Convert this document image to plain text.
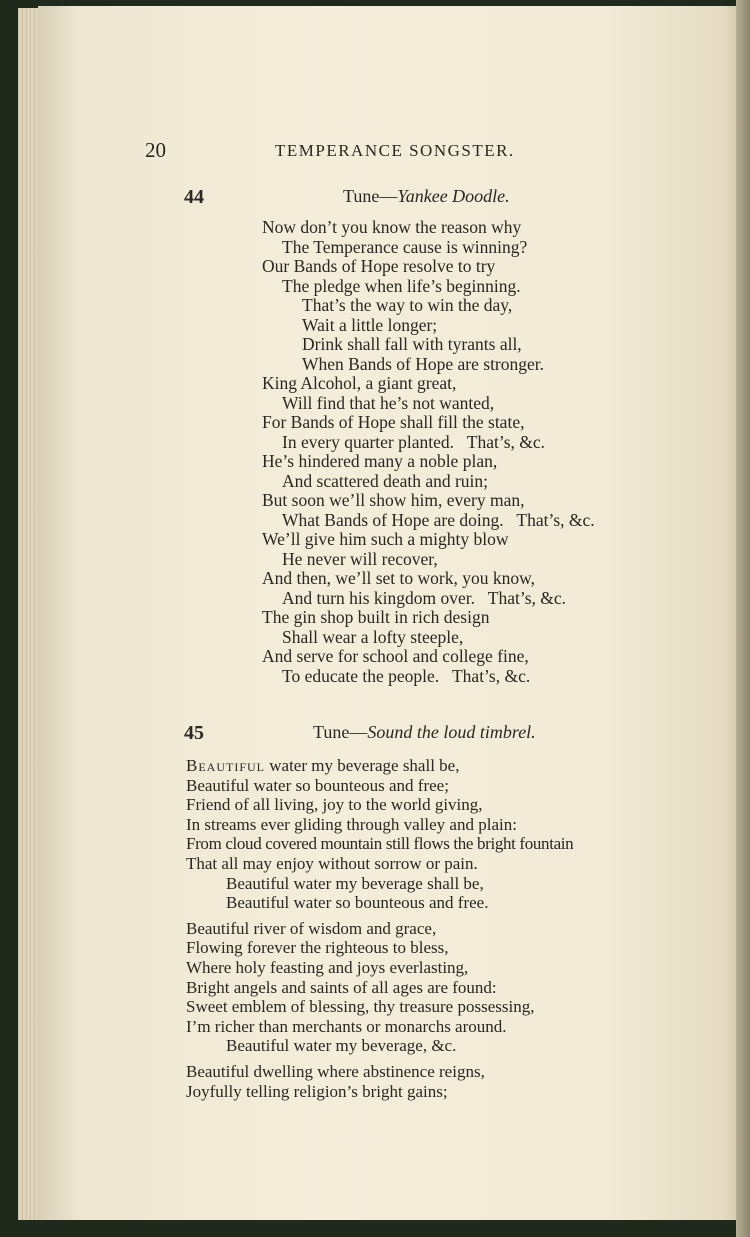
20	TEMPERANCE SONGSTER.
44	Tune—Yankee Doodle.
Now don’t you know the reason why
The Temperance cause is winning?
Our Bands of Hope resolve to try
The pledge when life’s beginning.
That’s the way to win the day,
Wait a little longer;
Drink shall fall with tyrants all,
When Bands of Hope are stronger.
King Alcohol, a giant great,
Will find that he’s not wanted,
For Bands of Hope shall fill the state,
In every quarter planted.   That’s, &c.
He’s hindered many a noble plan,
And scattered death and ruin;
But soon we’ll show him, every man,
What Bands of Hope are doing.   That’s, &c.
We’ll give him such a mighty blow
He never will recover,
And then, we’ll set to work, you know,
And turn his kingdom over.   That’s, &c.
The gin shop built in rich design
Shall wear a lofty steeple,
And serve for school and college fine,
To educate the people.   That’s, &c.
45	Tune—Sound the loud timbrel.
Beautiful water my beverage shall be,
Beautiful water so bounteous and free;
Friend of all living, joy to the world giving,
In streams ever gliding through valley and plain:
From cloud covered mountain still flows the bright fountain
That all may enjoy without sorrow or pain.
Beautiful water my beverage shall be,
Beautiful water so bounteous and free.
Beautiful river of wisdom and grace,
Flowing forever the righteous to bless,
Where holy feasting and joys everlasting,
Bright angels and saints of all ages are found:
Sweet emblem of blessing, thy treasure possessing,
I’m richer than merchants or monarchs around.
Beautiful water my beverage, &c.
Beautiful dwelling where abstinence reigns,
Joyfully telling religion’s bright gains;
